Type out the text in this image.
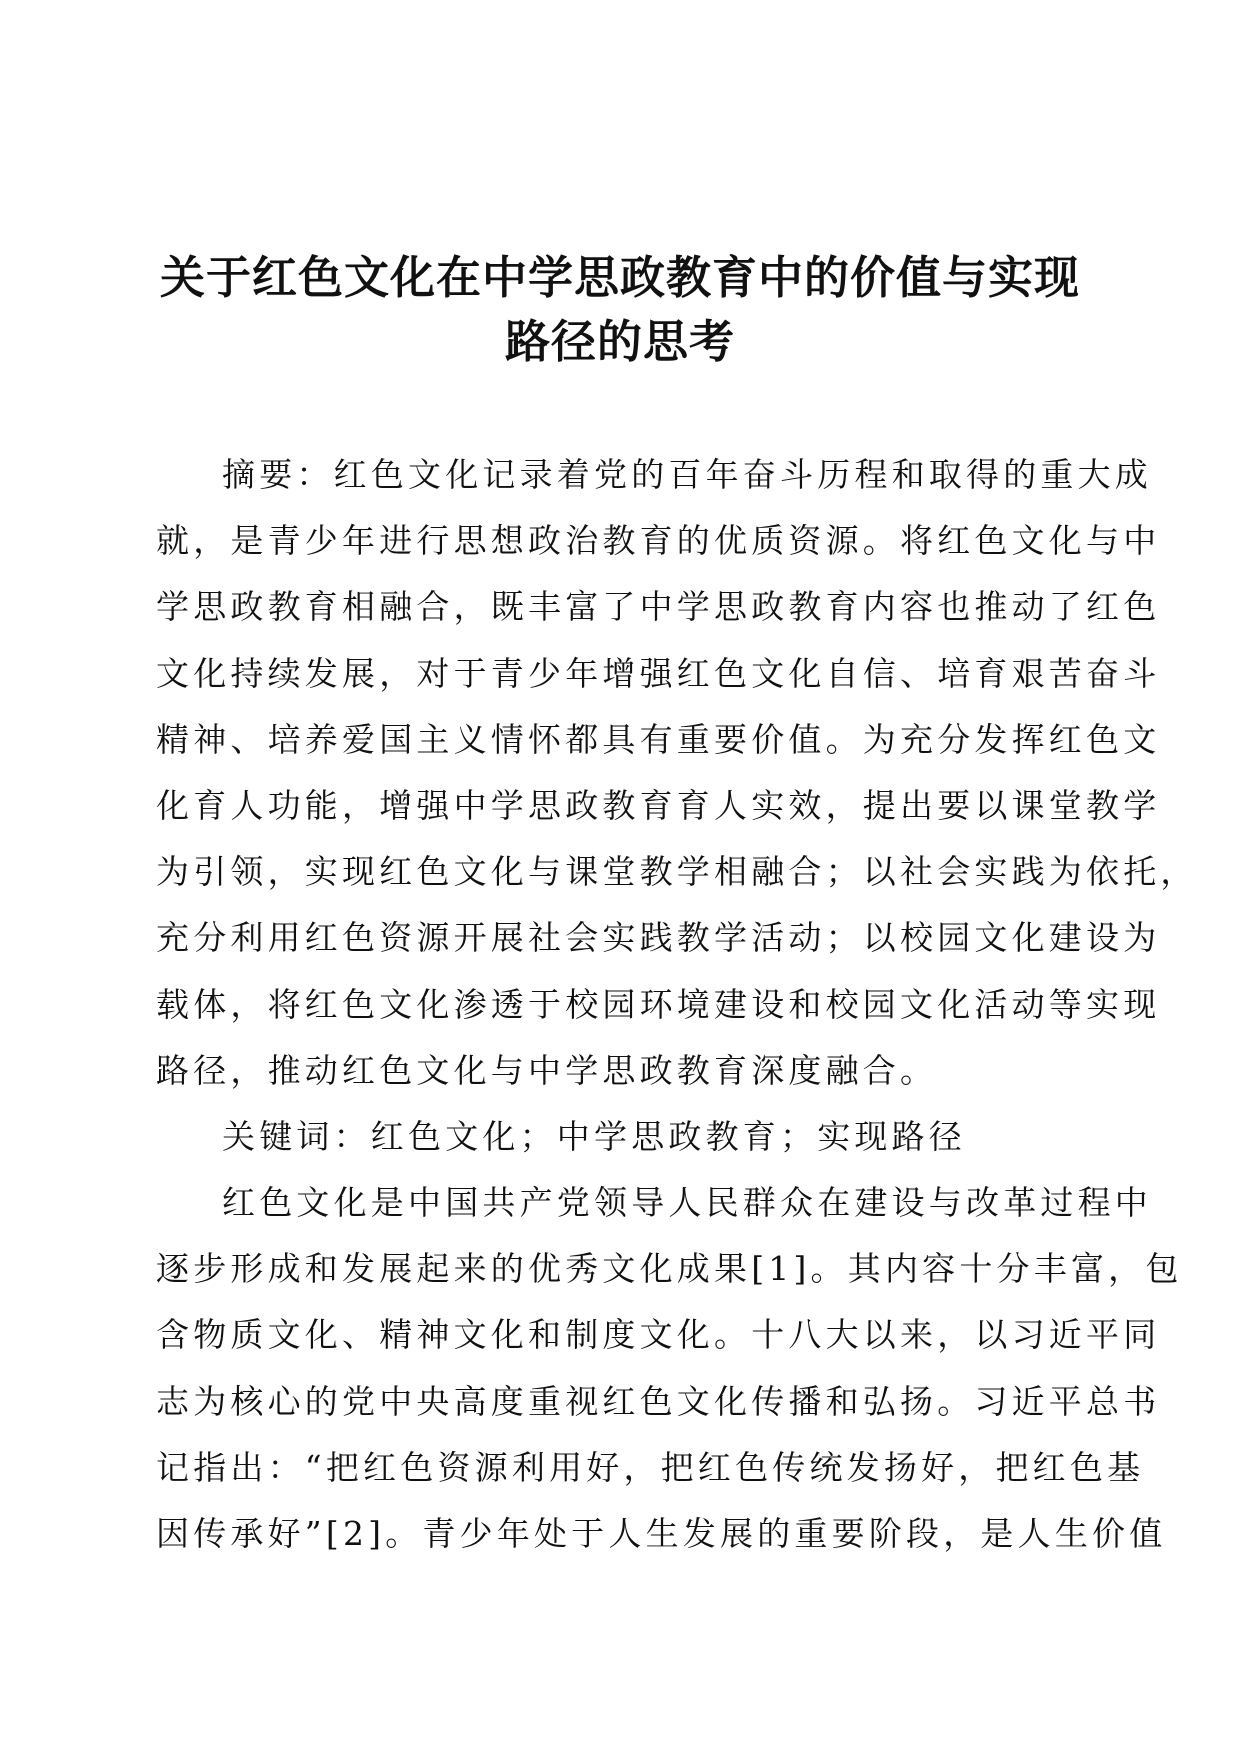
关于红色文化在中学思政教育中的价值与实现
路径的思考
摘要：红色文化记录着党的百年奋斗历程和取得的重大成
就，是青少年进行思想政治教育的优质资源。将红色文化与中
学思政教育相融合，既丰富了中学思政教育内容也推动了红色
文化持续发展，对于青少年增强红色文化自信、培育艰苦奋斗
精神、培养爱国主义情怀都具有重要价值。为充分发挥红色文
化育人功能，增强中学思政教育育人实效，提出要以课堂教学
为引领，实现红色文化与课堂教学相融合；以社会实践为依托，
充分利用红色资源开展社会实践教学活动；以校园文化建设为
载体，将红色文化渗透于校园环境建设和校园文化活动等实现
路径，推动红色文化与中学思政教育深度融合。
关键词：红色文化；中学思政教育；实现路径
红色文化是中国共产党领导人民群众在建设与改革过程中
逐步形成和发展起来的优秀文化成果[1]。其内容十分丰富，包
含物质文化、精神文化和制度文化。十八大以来，以习近平同
志为核心的党中央高度重视红色文化传播和弘扬。习近平总书
记指出：“把红色资源利用好，把红色传统发扬好，把红色基
因传承好”[2]。青少年处于人生发展的重要阶段，是人生价值
